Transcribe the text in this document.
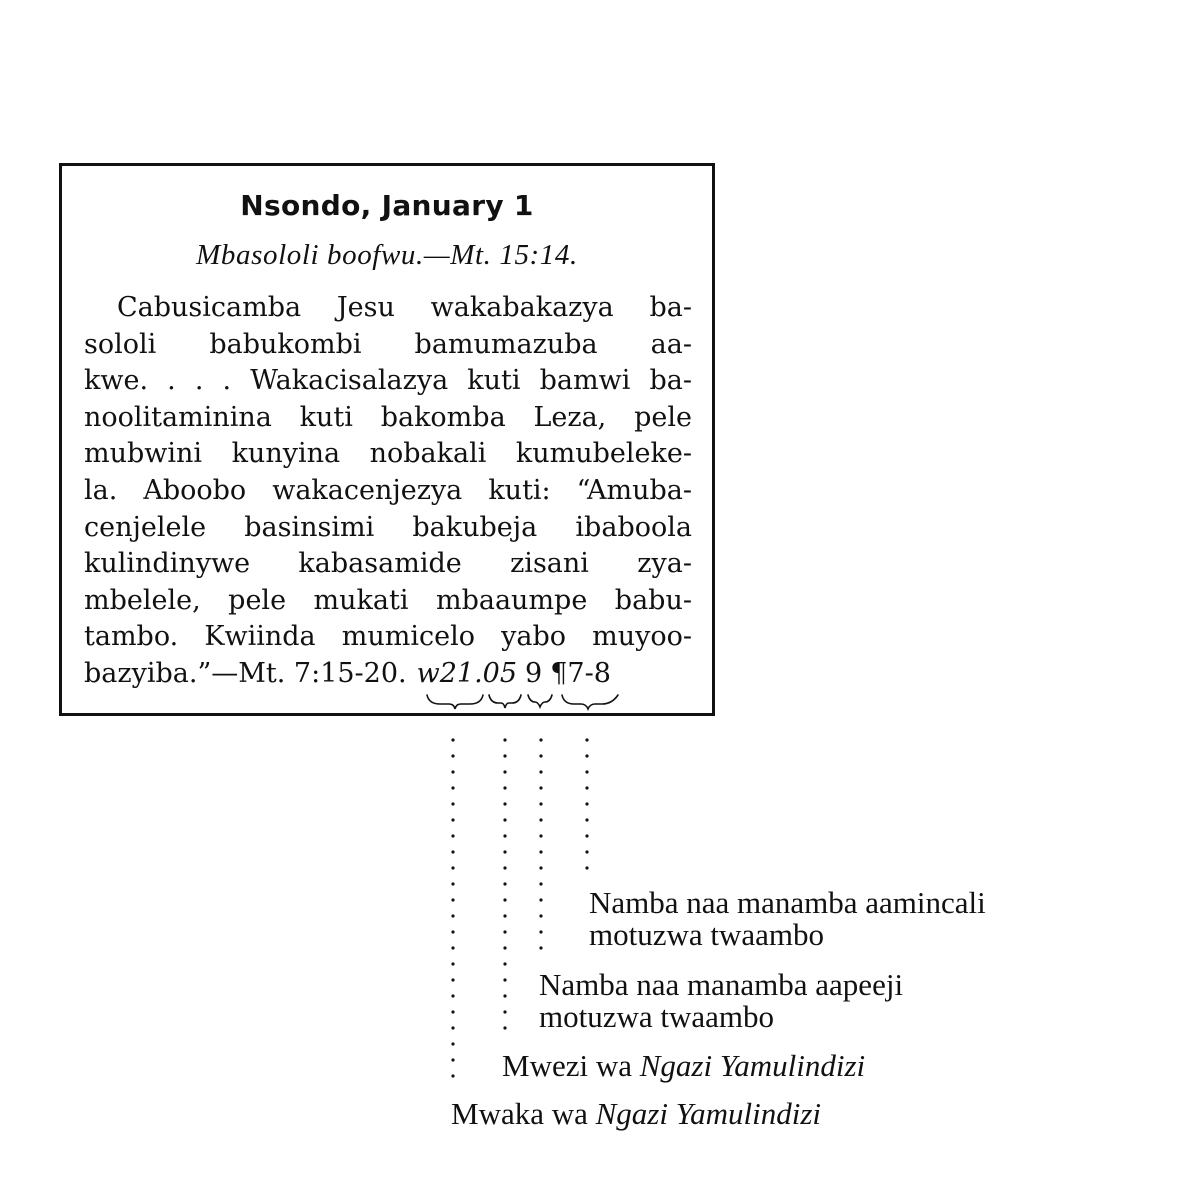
Nsondo, January 1
Mbasololi boofwu.—Mt. 15:14.
Cabusicamba Jesu wakabakazya ba-
sololi babukombi bamumazuba aa-
kwe. . . . Wakacisalazya kuti bamwi ba-
noolitaminina kuti bakomba Leza, pele
mubwini kunyina nobakali kumubeleke-
la. Aboobo wakacenjezya kuti: “Amuba-
cenjelele basinsimi bakubeja ibaboola
kulindinywe kabasamide zisani zya-
mbelele, pele mukati mbaaumpe babu-
tambo. Kwiinda mumicelo yabo muyoo-
bazyiba.”—Mt. 7:15-20. w21 .05 9 ¶7-8
Namba naa manamba aamincali
motuzwa twaambo
Namba naa manamba aapeeji
motuzwa twaambo
Mwezi wa Ngazi Yamulindizi
Mwaka wa Ngazi Yamulindizi
